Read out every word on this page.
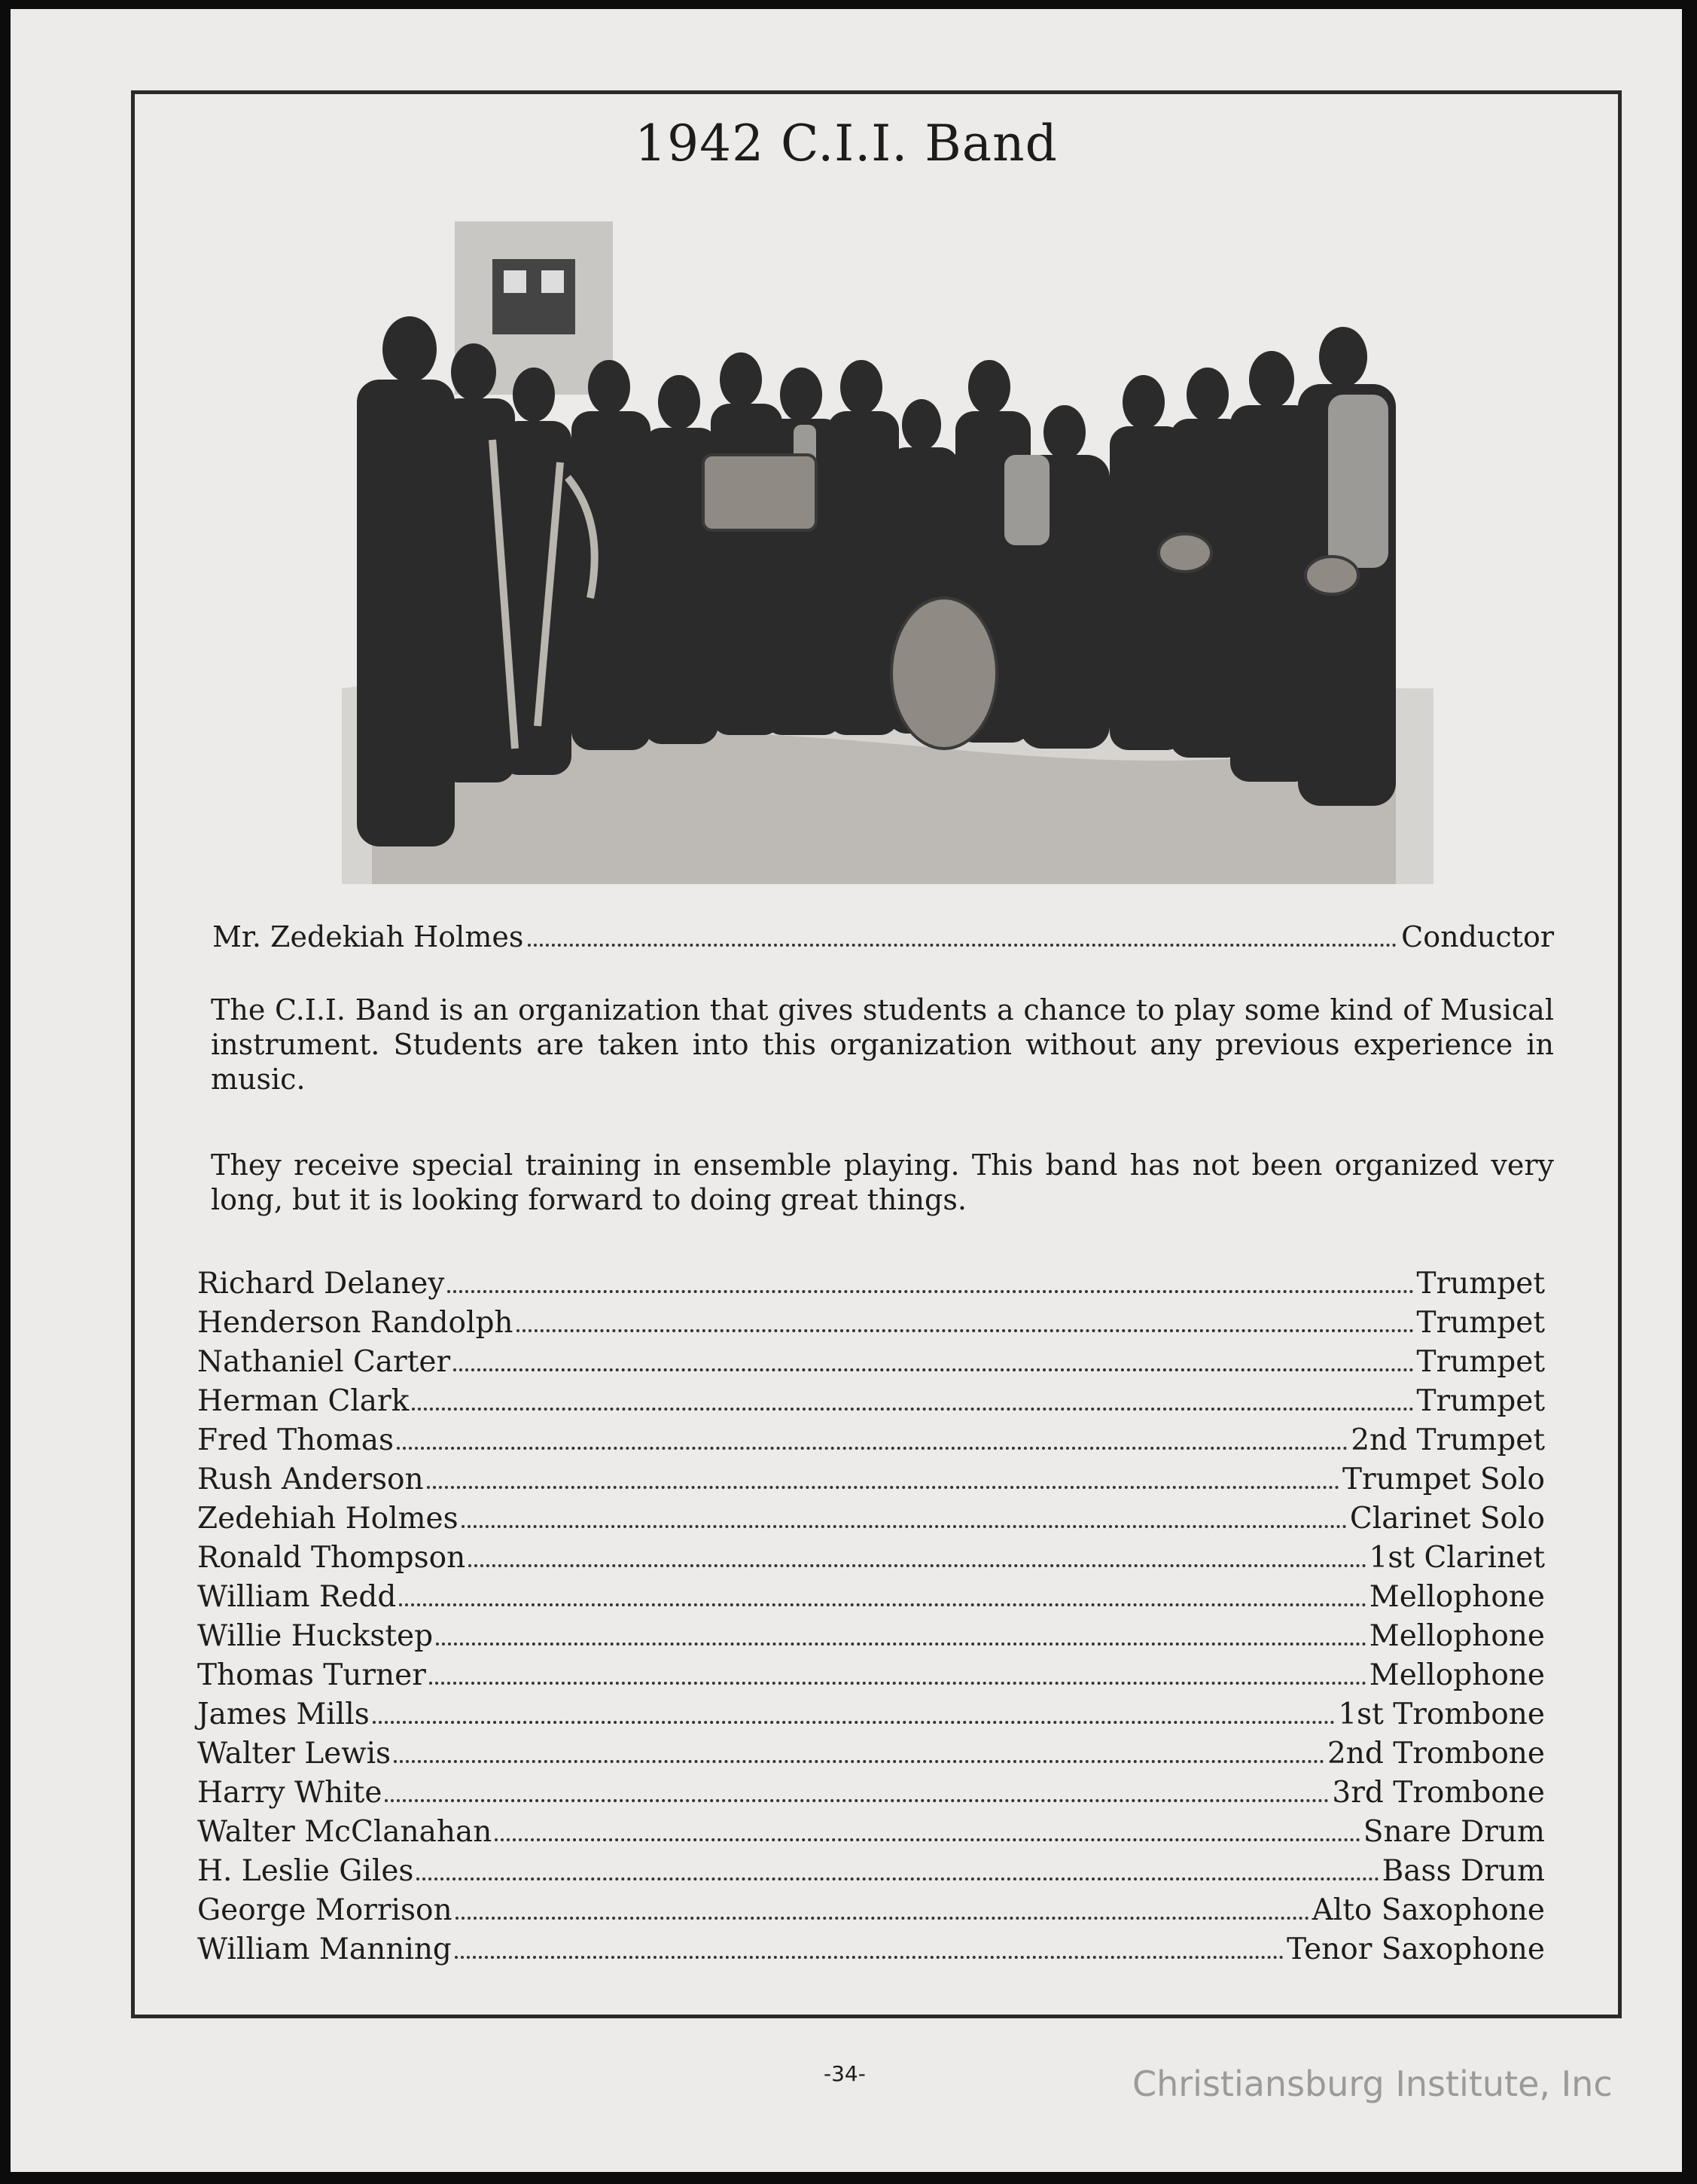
1942 C.I.I. Band
Mr. Zedekiah Holmes	Conductor
The C.I.I. Band is an organization that gives students a chance to play some kind of Musical instrument. Students are taken into this organization without any previous experience in music.
They receive special training in ensemble playing. This band has not been organized very long, but it is looking forward to doing great things.
Richard Delaney	Trumpet
Henderson Randolph	Trumpet
Nathaniel Carter	Trumpet
Herman Clark	Trumpet
Fred Thomas	2nd Trumpet
Rush Anderson	Trumpet Solo
Zedehiah Holmes	Clarinet Solo
Ronald Thompson	1st Clarinet
William Redd	Mellophone
Willie Huckstep	Mellophone
Thomas Turner	Mellophone
James Mills	1st Trombone
Walter Lewis	2nd Trombone
Harry White	3rd Trombone
Walter McClanahan	Snare Drum
H. Leslie Giles	Bass Drum
George Morrison	Alto Saxophone
William Manning	Tenor Saxophone
-34-	Christiansburg Institute, Inc
